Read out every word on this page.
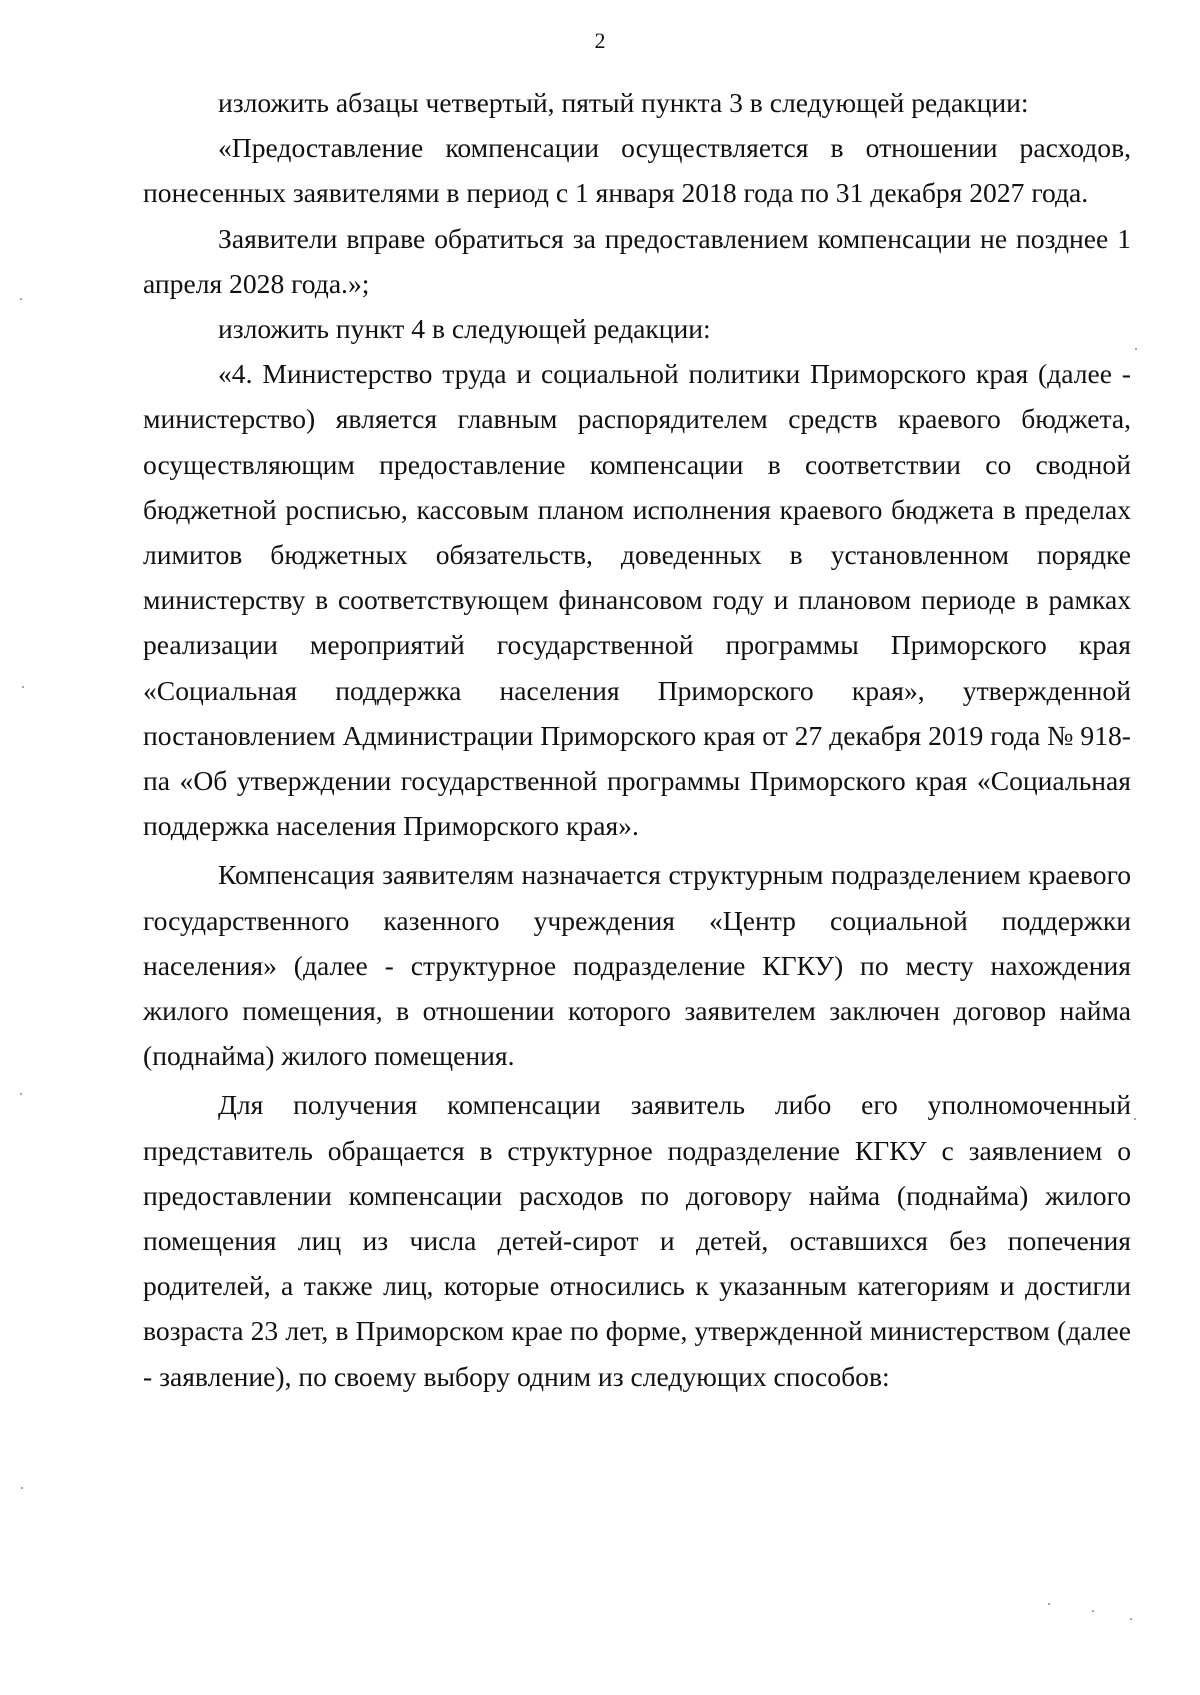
2

изложить абзацы четвертый, пятый пункта 3 в следующей редакции:

«Предоставление компенсации осуществляется в отношении расходов, понесенных заявителями в период с 1 января 2018 года по 31 декабря 2027 года.

Заявители вправе обратиться за предоставлением компенсации не позднее 1 апреля 2028 года.»;

изложить пункт 4 в следующей редакции:

«4. Министерство труда и социальной политики Приморского края (далее - министерство) является главным распорядителем средств краевого бюджета, осуществляющим предоставление компенсации в соответствии со сводной бюджетной росписью, кассовым планом исполнения краевого бюджета в пределах лимитов бюджетных обязательств, доведенных в установленном порядке министерству в соответствующем финансовом году и плановом периоде в рамках реализации мероприятий государственной программы Приморского края «Социальная поддержка населения Приморского края», утвержденной постановлением Администрации Приморского края от 27 декабря 2019 года № 918-па «Об утверждении государственной программы Приморского края «Социальная поддержка населения Приморского края».

Компенсация заявителям назначается структурным подразделением краевого государственного казенного учреждения «Центр социальной поддержки населения» (далее - структурное подразделение КГКУ) по месту нахождения жилого помещения, в отношении которого заявителем заключен договор найма (поднайма) жилого помещения.

Для получения компенсации заявитель либо его уполномоченный представитель обращается в структурное подразделение КГКУ с заявлением о предоставлении компенсации расходов по договору найма (поднайма) жилого помещения лиц из числа детей-сирот и детей, оставшихся без попечения родителей, а также лиц, которые относились к указанным категориям и достигли возраста 23 лет, в Приморском крае по форме, утвержденной министерством (далее - заявление), по своему выбору одним из следующих способов:
